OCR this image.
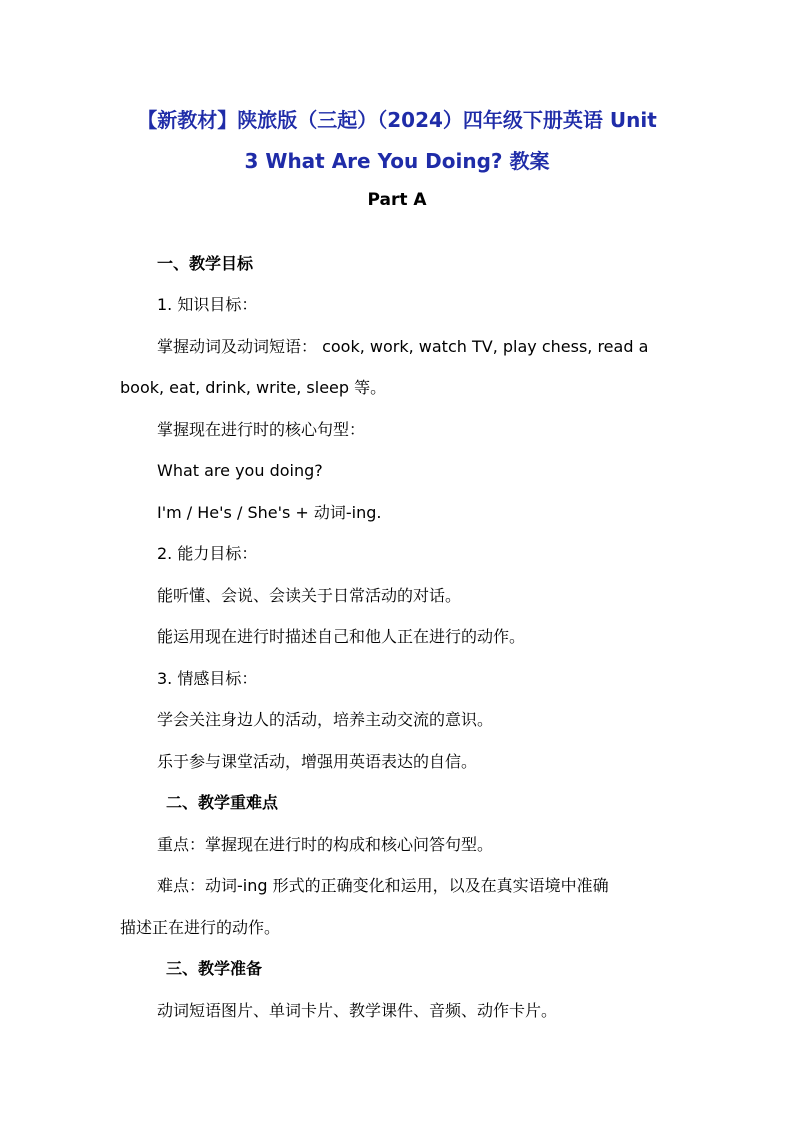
【新教材】陕旅版（三起）（2024）四年级下册英语 Unit
3 What Are You Doing? 教案
Part A
一、教学目标
1. 知识目标：
掌握动词及动词短语： cook, work, watch TV, play chess, read a
book, eat, drink, write, sleep 等。
掌握现在进行时的核心句型：
What are you doing?
I'm / He's / She's + 动词-ing.
2. 能力目标：
能听懂、会说、会读关于日常活动的对话。
能运用现在进行时描述自己和他人正在进行的动作。
3. 情感目标：
学会关注身边人的活动，培养主动交流的意识。
乐于参与课堂活动，增强用英语表达的自信。
二、教学重难点
重点：掌握现在进行时的构成和核心问答句型。
难点：动词-ing 形式的正确变化和运用，以及在真实语境中准确
描述正在进行的动作。
三、教学准备
动词短语图片、单词卡片、教学课件、音频、动作卡片。
